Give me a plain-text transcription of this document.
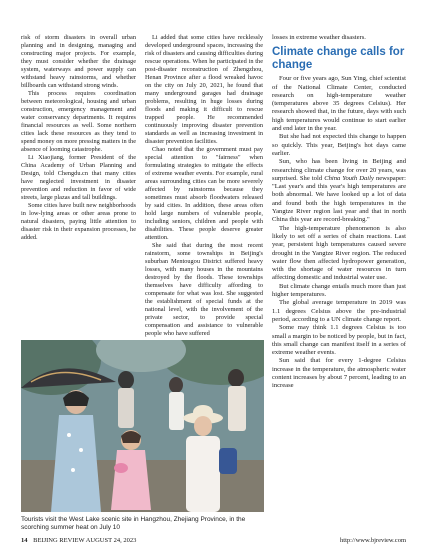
risk of storm disasters in overall urban planning and in designing, managing and constructing major projects. For example, they must consider whether the drainage system, waterways and power supply can withstand heavy rainstorms, and whether billboards can withstand strong winds.

This process requires coordination between meteorological, housing and urban construction, emergency management and water conservancy departments. It requires financial resources as well. Some northern cities lack these resources as they tend to spend money on more pressing matters in the absence of looming catastrophe.

Li Xiaojiang, former President of the China Academy of Urban Planning and Design, told Chengdu.cn that many cities have neglected investment in disaster prevention and reduction in favor of wide streets, large plazas and tall buildings.

Some cities have built new neighborhoods in low-lying areas or other areas prone to natural disasters, paying little attention to disaster risk in their expansion processes, he added.

Li added that some cities have recklessly developed underground spaces, increasing the risk of disasters and causing difficulties during rescue operations. When he participated in the post-disaster reconstruction of Zhengzhou, Henan Province after a flood wreaked havoc on the city on July 20, 2021, he found that many underground garages had drainage problems, resulting in huge losses during floods and making it difficult to rescue trapped people. He recommended continuously improving disaster prevention standards as well as increasing investment in disaster prevention facilities.

Chao noted that the government must pay special attention to "fairness" when formulating strategies to mitigate the effects of extreme weather events. For example, rural areas surrounding cities can be more severely affected by rainstorms because they sometimes must absorb floodwaters released by said cities. In addition, these areas often hold large numbers of vulnerable people, including seniors, children and people with disabilities. These people deserve greater attention.

She said that during the most recent rainstorm, some townships in Beijing's suburban Mentougou District suffered heavy losses, with many houses in the mountains destroyed by the floods. These townships themselves have difficulty affording to compensate for what was lost. She suggested the establishment of special funds at the national level, with the involvement of the private sector, to provide special compensation and assistance to vulnerable people who have suffered

losses in extreme weather disasters.

Climate change calls for
change

Four or five years ago, Sun Ying, chief scientist of the National Climate Center, conducted research on high-temperature weather (temperatures above 35 degrees Celsius). Her research showed that, in the future, days with such high temperatures would continue to start earlier and end later in the year.

But she had not expected this change to happen so quickly. This year, Beijing's hot days came earlier.

Sun, who has been living in Beijing and researching climate change for over 20 years, was surprised. She told China Youth Daily newspaper: "Last year's and this year's high temperatures are both abnormal. We have looked up a lot of data and found both the high temperatures in the Yangtze River region last year and that in north China this year are record-breaking."

The high-temperature phenomenon is also likely to set off a series of chain reactions. Last year, persistent high temperatures caused severe drought in the Yangtze River region. The reduced water flow then affected hydropower generation, with the shortage of water resources in turn affecting domestic and industrial water use.

But climate change entails much more than just higher temperatures.

The global average temperature in 2019 was 1.1 degrees Celsius above the pre-industrial period, according to a UN climate change report.

Some may think 1.1 degrees Celsius is too small a margin to be noticed by people, but in fact, this small change can manifest itself in a series of extreme weather events.

Sun said that for every 1-degree Celsius increase in the temperature, the atmospheric water content increases by about 7 percent, leading to an increase

Tourists visit the West Lake scenic site in Hangzhou, Zhejiang Province, in the scorching summer heat on July 10

14 BEIJING REVIEW AUGUST 24, 2023	http://www.bjreview.com
